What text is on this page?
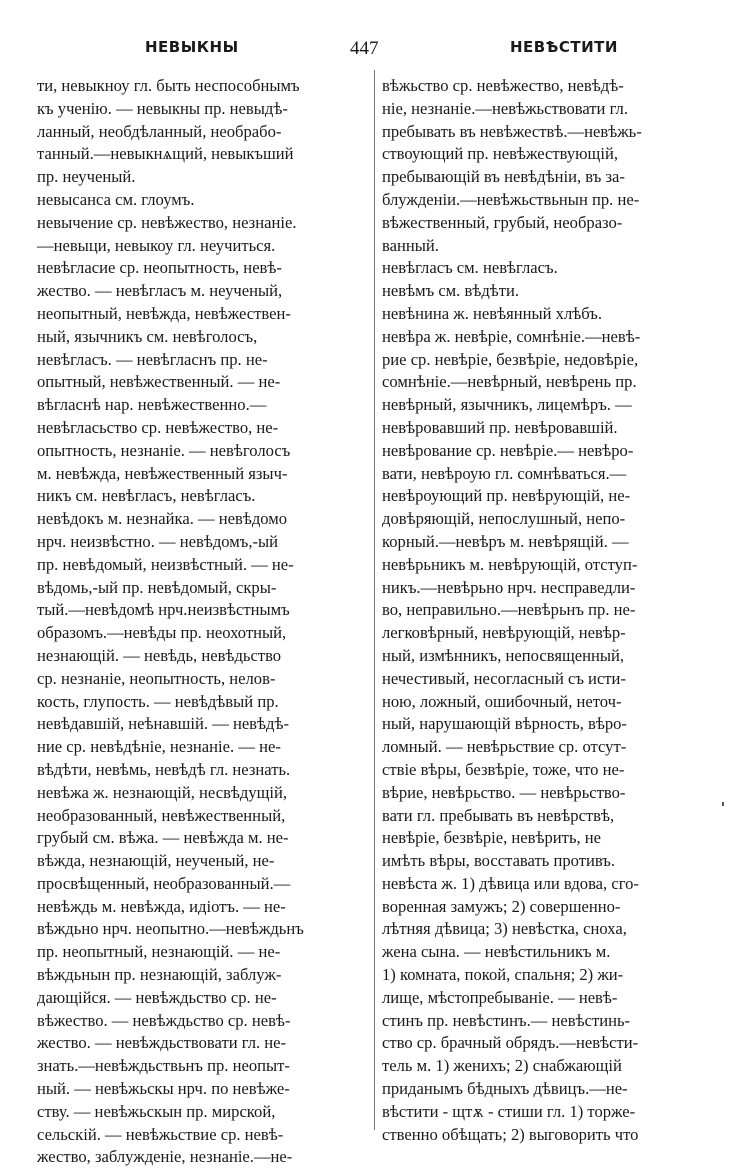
НЕВЫКНЫ	447	НЕВѢСТИТИ
ти, невыкноу гл. быть неспособнымъ
къ ученію. — невыкны пр. невыдѣ-
ланный, необдѣланный, необрабо-
танный.—невыкнѧщий, невыкъший
пр. неученый.
невысанса см. глоумъ.
невычение ср. невѣжество, незнаніе.
—невыци, невыкоу гл. неучиться.
невѣгласие ср. неопытность, невѣ-
жество. — невѣгласъ м. неученый,
неопытный, невѣжда, невѣжествен-
ный, язычникъ см. невѣголосъ,
невѣгласъ. — невѣгласнъ пр. не-
опытный, невѣжественный. — не-
вѣгласнѣ нар. невѣжественно.—
невѣгласьство ср. невѣжество, не-
опытность, незнаніе. — невѣголосъ
м. невѣжда, невѣжественный языч-
никъ см. невѣгласъ, невѣгласъ.
невѣдокъ м. незнайка. — невѣдомо
нрч. неизвѣстно. — невѣдомъ,-ый
пр. невѣдомый, неизвѣстный. — не-
вѣдомь,-ый пр. невѣдомый, скры-
тый.—невѣдомѣ нрч.неизвѣстнымъ
образомъ.—невѣды пр. неохотный,
незнающій. — невѣдь, невѣдьство
ср. незнаніе, неопытность, нелов-
кость, глупость. — невѣдѣвый пр.
невѣдавшій, неѣнавшій. — невѣдѣ-
ние ср. невѣдѣніе, незнаніе. — не-
вѣдѣти, невѣмь, невѣдѣ гл. незнать.
невѣжа ж. незнающій, несвѣдущій,
необразованный, невѣжественный,
грубый см. вѣжа. — невѣжда м. не-
вѣжда, незнающій, неученый, не-
просвѣщенный, необразованный.—
невѣждь м. невѣжда, идіотъ. — не-
вѣждьно нрч. неопытно.—невѣждьнъ
пр. неопытный, незнающій. — не-
вѣждьнын пр. незнающій, заблуж-
дающійся. — невѣждьство ср. не-
вѣжество. — невѣждьство ср. невѣ-
жество. — невѣждьствовати гл. не-
знать.—невѣждьствьнъ пр. неопыт-
ный. — невѣжьскы нрч. по невѣже-
ству. — невѣжьскын пр. мирской,
сельскій. — невѣжьствие ср. невѣ-
жество, заблужденіе, незнаніе.—не-
вѣжьство ср. невѣжество, невѣдѣ-
ніе, незнаніе.—невѣжьствовати гл.
пребывать въ невѣжествѣ.—невѣжь-
ствоующий пр. невѣжествующій,
пребывающій въ невѣдѣніи, въ за-
блужденіи.—невѣжьствьнын пр. не-
вѣжественный, грубый, необразо-
ванный.
невѣгласъ см. невѣгласъ.
невѣмъ см. вѣдѣти.
невѣнина ж. невѣянный хлѣбъ.
невѣра ж. невѣріе, сомнѣніе.—невѣ-
рие ср. невѣріе, безвѣріе, недовѣріе,
сомнѣніе.—невѣрный, невѣрень пр.
невѣрный, язычникъ, лицемѣръ. —
невѣровавший пр. невѣровавшій.
невѣрование ср. невѣріе.— невѣро-
вати, невѣроую гл. сомнѣваться.—
невѣроующий пр. невѣрующій, не-
довѣряющій, непослушный, непо-
корный.—невѣръ м. невѣрящій. —
невѣрьникъ м. невѣрующій, отступ-
никъ.—невѣрьно нрч. несправедли-
во, неправильно.—невѣрьнъ пр. не-
легковѣрный, невѣрующій, невѣр-
ный, измѣнникъ, непосвященный,
нечестивый, несогласный съ исти-
ною, ложный, ошибочный, неточ-
ный, нарушающій вѣрность, вѣро-
ломный. — невѣрьствие ср. отсут-
ствіе вѣры, безвѣріе, тоже, что не-
вѣрие, невѣрьство. — невѣрьство-
вати гл. пребывать въ невѣрствѣ,
невѣріе, безвѣріе, невѣрить, не
имѣть вѣры, восставать противъ.
невѣста ж. 1) дѣвица или вдова, сго-
воренная замужъ; 2) совершенно-
лѣтняя дѣвица; 3) невѣстка, сноха,
жена сына. — невѣстильникъ м.
1) комната, покой, спальня; 2) жи-
лище, мѣстопребываніе. — невѣ-
стинъ пр. невѣстинъ.— невѣстинь-
ство ср. брачный обрядъ.—невѣсти-
тель м. 1) женихъ; 2) снабжающій
приданымъ бѣдныхъ дѣвицъ.—не-
вѣстити - щтѫ - стиши гл. 1) торже-
ственно обѣщать; 2) выговорить что
